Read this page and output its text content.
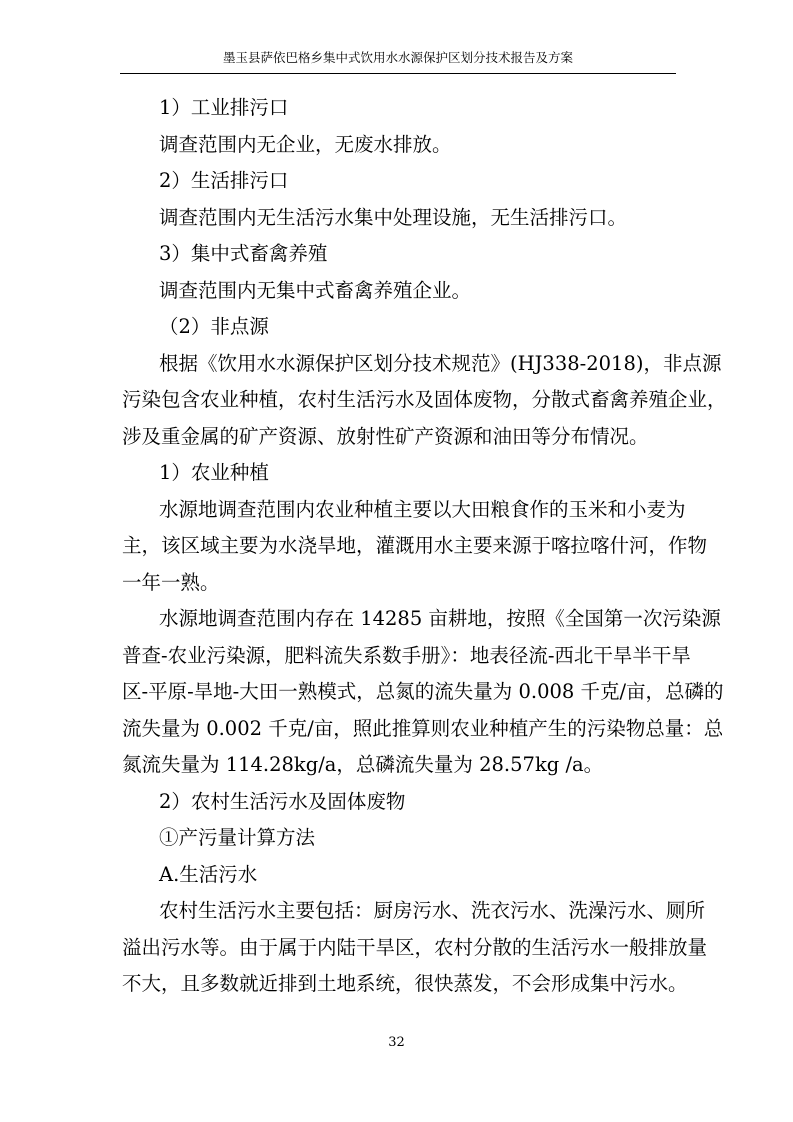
墨玉县萨依巴格乡集中式饮用水水源保护区划分技术报告及方案
1）工业排污口
调查范围内无企业，无废水排放。
2）生活排污口
调查范围内无生活污水集中处理设施，无生活排污口。
3）集中式畜禽养殖
调查范围内无集中式畜禽养殖企业。
（2）非点源
根据《饮用水水源保护区划分技术规范》(HJ338-2018)，非点源
污染包含农业种植，农村生活污水及固体废物，分散式畜禽养殖企业，
涉及重金属的矿产资源、放射性矿产资源和油田等分布情况。
1）农业种植
水源地调查范围内农业种植主要以大田粮食作的玉米和小麦为
主，该区域主要为水浇旱地，灌溉用水主要来源于喀拉喀什河，作物
一年一熟。
水源地调查范围内存在 14285 亩耕地，按照《全国第一次污染源
普查-农业污染源，肥料流失系数手册》：地表径流-西北干旱半干旱
区-平原-旱地-大田一熟模式，总氮的流失量为 0.008 千克/亩，总磷的
流失量为 0.002 千克/亩，照此推算则农业种植产生的污染物总量：总
氮流失量为 114.28kg/a，总磷流失量为 28.57kg /a。
2）农村生活污水及固体废物
①产污量计算方法
A.生活污水
农村生活污水主要包括：厨房污水、洗衣污水、洗澡污水、厕所
溢出污水等。由于属于内陆干旱区，农村分散的生活污水一般排放量
不大，且多数就近排到土地系统，很快蒸发，不会形成集中污水。
32
